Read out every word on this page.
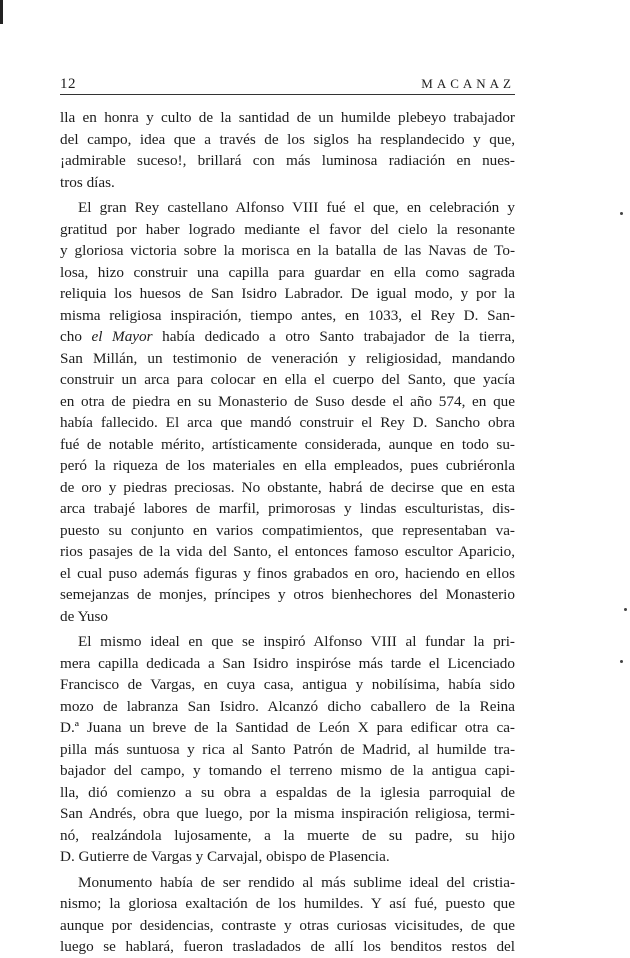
12	MACANAZ
lla en honra y culto de la santidad de un humilde plebeyo trabajador
del campo, idea que a través de los siglos ha resplandecido y que,
¡admirable suceso!, brillará con más luminosa radiación en nues-
tros días.
El gran Rey castellano Alfonso VIII fué el que, en celebración y
gratitud por haber logrado mediante el favor del cielo la resonante
y gloriosa victoria sobre la morisca en la batalla de las Navas de To-
losa, hizo construir una capilla para guardar en ella como sagrada
reliquia los huesos de San Isidro Labrador. De igual modo, y por la
misma religiosa inspiración, tiempo antes, en 1033, el Rey D. San-
cho el Mayor había dedicado a otro Santo trabajador de la tierra,
San Millán, un testimonio de veneración y religiosidad, mandando
construir un arca para colocar en ella el cuerpo del Santo, que yacía
en otra de piedra en su Monasterio de Suso desde el año 574, en que
había fallecido. El arca que mandó construir el Rey D. Sancho obra
fué de notable mérito, artísticamente considerada, aunque en todo su-
peró la riqueza de los materiales en ella empleados, pues cubriéronla
de oro y piedras preciosas. No obstante, habrá de decirse que en esta
arca trabajé labores de marfil, primorosas y lindas esculturistas, dis-
puesto su conjunto en varios compatimientos, que representaban va-
rios pasajes de la vida del Santo, el entonces famoso escultor Aparicio,
el cual puso además figuras y finos grabados en oro, haciendo en ellos
semejanzas de monjes, príncipes y otros bienhechores del Monasterio
de Yuso
El mismo ideal en que se inspiró Alfonso VIII al fundar la pri-
mera capilla dedicada a San Isidro inspiróse más tarde el Licenciado
Francisco de Vargas, en cuya casa, antigua y nobilísima, había sido
mozo de labranza San Isidro. Alcanzó dicho caballero de la Reina
D.ª Juana un breve de la Santidad de León X para edificar otra ca-
pilla más suntuosa y rica al Santo Patrón de Madrid, al humilde tra-
bajador del campo, y tomando el terreno mismo de la antigua capi-
lla, dió comienzo a su obra a espaldas de la iglesia parroquial de
San Andrés, obra que luego, por la misma inspiración religiosa, termi-
nó, realzándola lujosamente, a la muerte de su padre, su hijo
D. Gutierre de Vargas y Carvajal, obispo de Plasencia.
Monumento había de ser rendido al más sublime ideal del cristia-
nismo; la gloriosa exaltación de los humildes. Y así fué, puesto que
aunque por desidencias, contraste y otras curiosas vicisitudes, de que
luego se hablará, fueron trasladados de allí los benditos restos del
